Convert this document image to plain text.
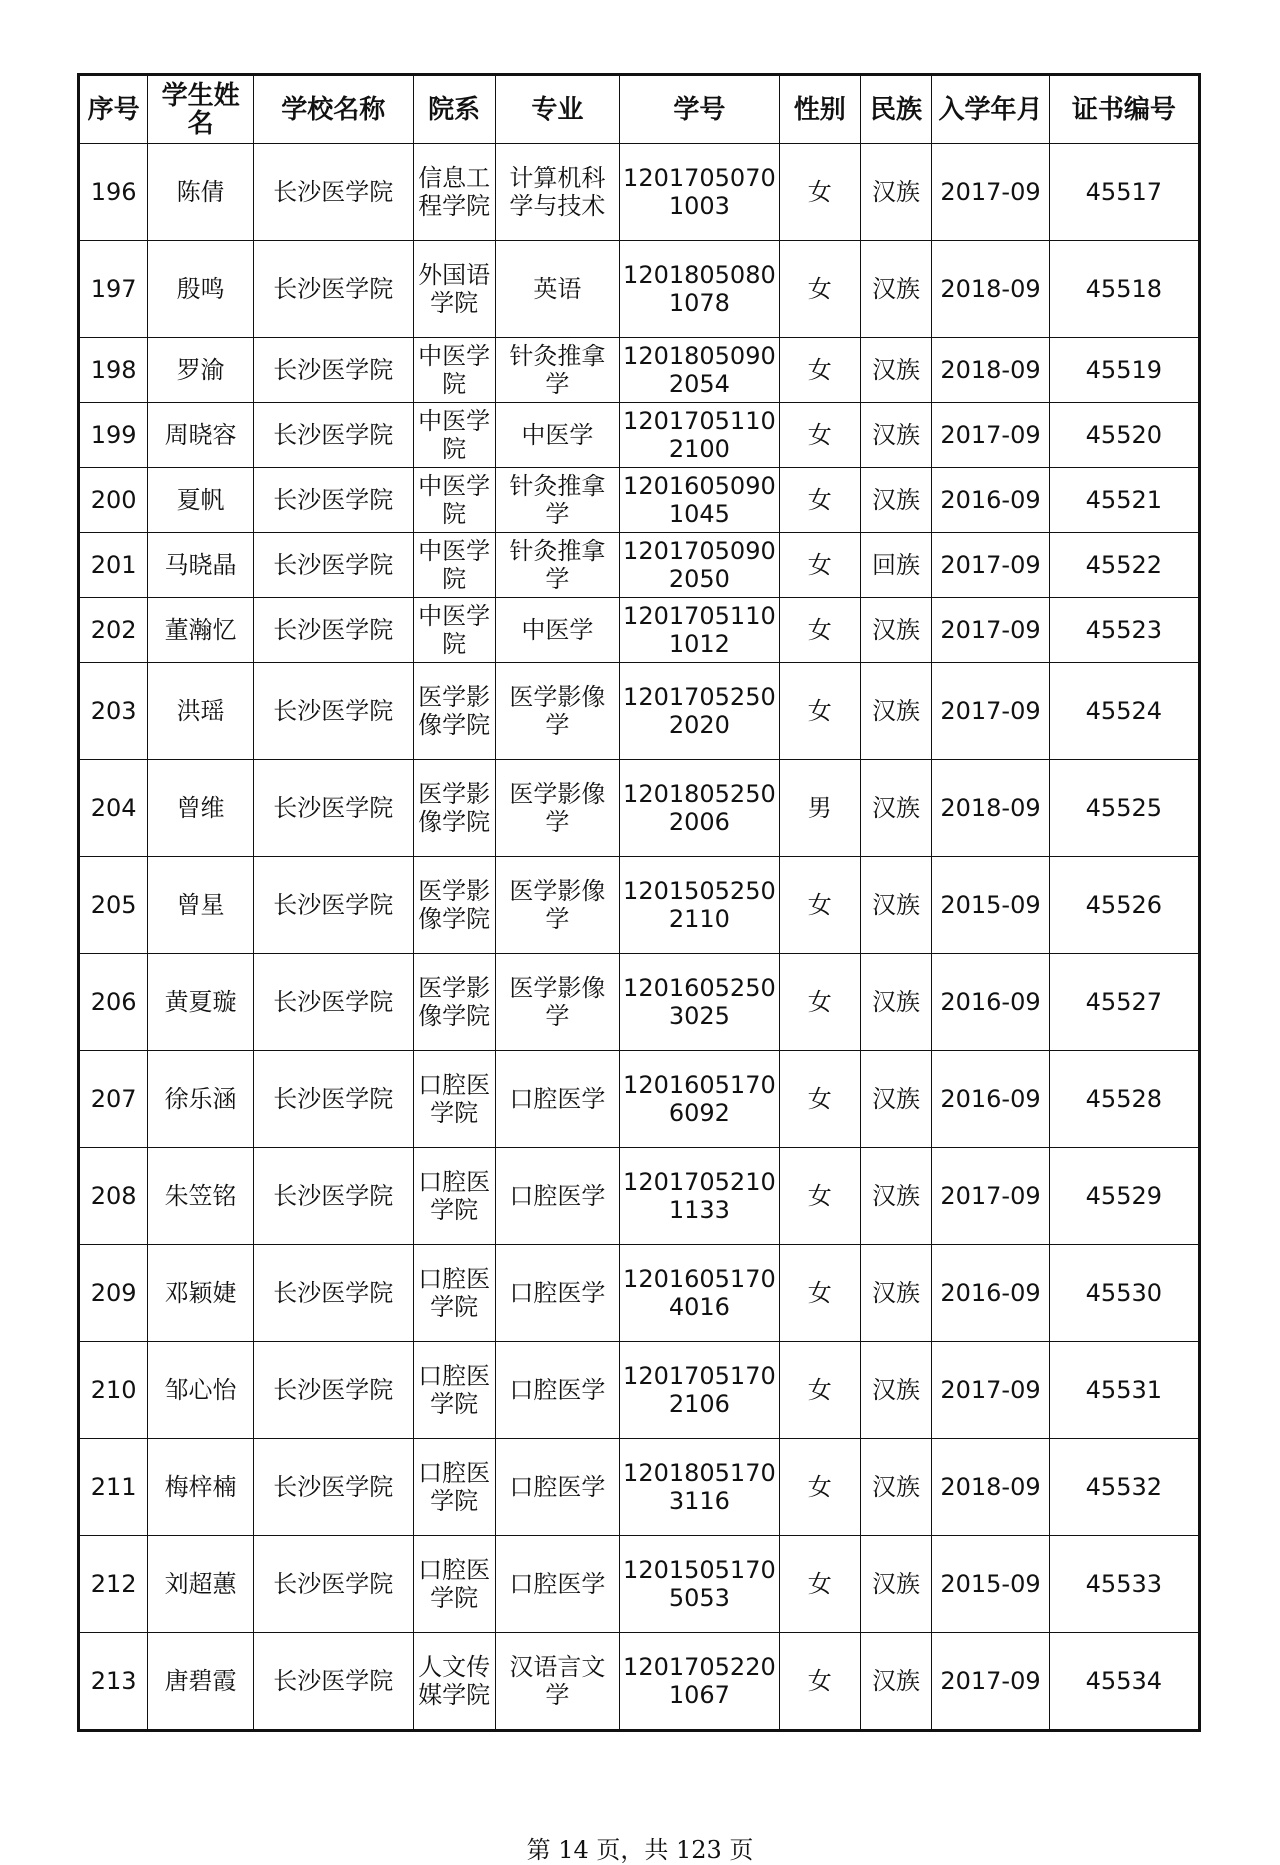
序号	学生姓名	学校名称	院系	专业	学号	性别	民族	入学年月	证书编号
196	陈倩	长沙医学院	信息工程学院	计算机科学与技术	12017050701003	女	汉族	2017-09	45517
197	殷鸣	长沙医学院	外国语学院	英语	12018050801078	女	汉族	2018-09	45518
198	罗渝	长沙医学院	中医学院	针灸推拿学	12018050902054	女	汉族	2018-09	45519
199	周晓容	长沙医学院	中医学院	中医学	12017051102100	女	汉族	2017-09	45520
200	夏帆	长沙医学院	中医学院	针灸推拿学	12016050901045	女	汉族	2016-09	45521
201	马晓晶	长沙医学院	中医学院	针灸推拿学	12017050902050	女	回族	2017-09	45522
202	董瀚忆	长沙医学院	中医学院	中医学	12017051101012	女	汉族	2017-09	45523
203	洪瑶	长沙医学院	医学影像学院	医学影像学	12017052502020	女	汉族	2017-09	45524
204	曾维	长沙医学院	医学影像学院	医学影像学	12018052502006	男	汉族	2018-09	45525
205	曾星	长沙医学院	医学影像学院	医学影像学	12015052502110	女	汉族	2015-09	45526
206	黄夏璇	长沙医学院	医学影像学院	医学影像学	12016052503025	女	汉族	2016-09	45527
207	徐乐涵	长沙医学院	口腔医学院	口腔医学	12016051706092	女	汉族	2016-09	45528
208	朱笠铭	长沙医学院	口腔医学院	口腔医学	12017052101133	女	汉族	2017-09	45529
209	邓颖婕	长沙医学院	口腔医学院	口腔医学	12016051704016	女	汉族	2016-09	45530
210	邹心怡	长沙医学院	口腔医学院	口腔医学	12017051702106	女	汉族	2017-09	45531
211	梅梓楠	长沙医学院	口腔医学院	口腔医学	12018051703116	女	汉族	2018-09	45532
212	刘超蕙	长沙医学院	口腔医学院	口腔医学	12015051705053	女	汉族	2015-09	45533
213	唐碧霞	长沙医学院	人文传媒学院	汉语言文学	12017052201067	女	汉族	2017-09	45534
第 14 页，共 123 页
